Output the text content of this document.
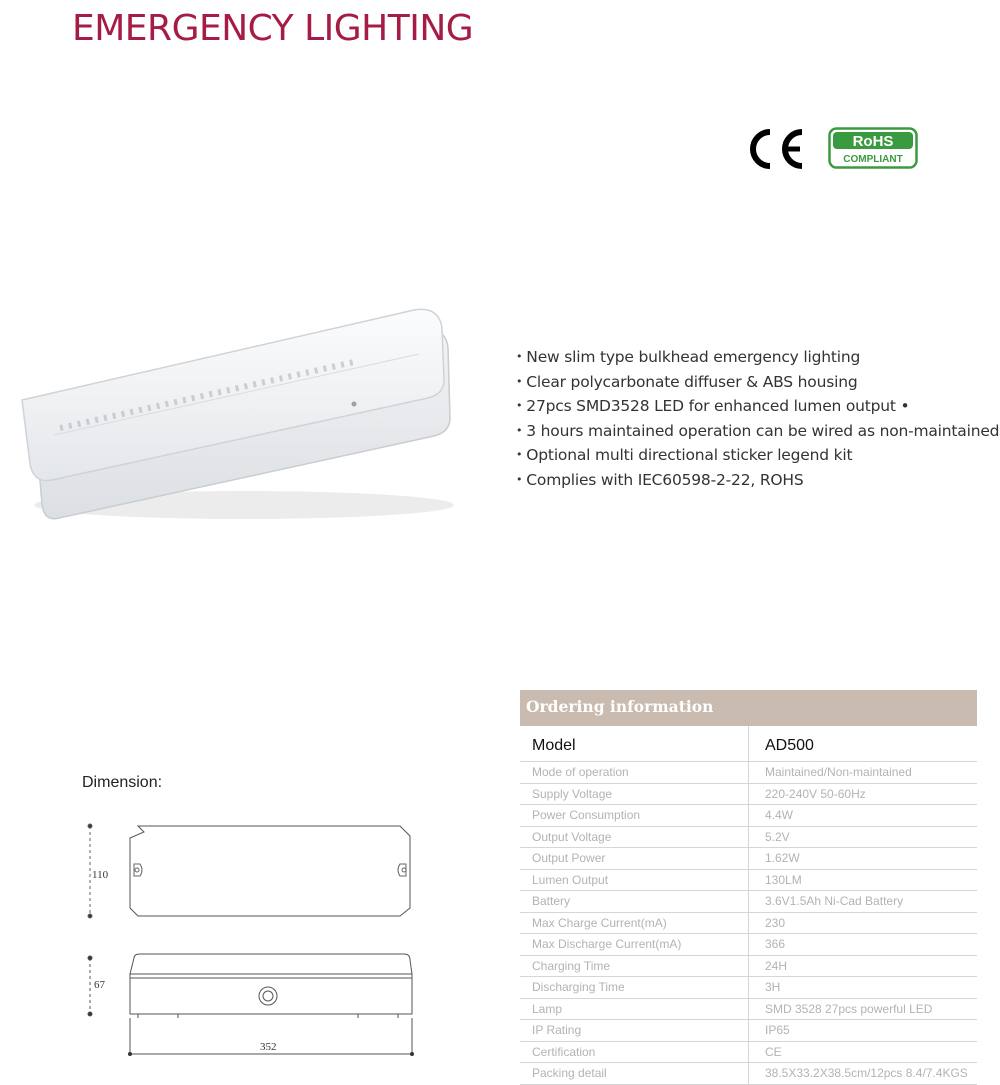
EMERGENCY LIGHTING
RoHS
COMPLIANT
• New slim type bulkhead emergency lighting
• Clear polycarbonate diffuser & ABS housing
• 27pcs SMD3528 LED for enhanced lumen output •
• 3 hours maintained operation can be wired as non-maintained
• Optional multi directional sticker legend kit
• Complies with IEC60598-2-22, ROHS
Dimension:
110
67
352
Ordering information
Model	AD500
Mode of operation	Maintained/Non-maintained
Supply Voltage	220-240V 50-60Hz
Power Consumption	4.4W
Output Voltage	5.2V
Output Power	1.62W
Lumen Output	130LM
Battery	3.6V1.5Ah Ni-Cad Battery
Max Charge Current(mA)	230
Max Discharge Current(mA)	366
Charging Time	24H
Discharging Time	3H
Lamp	SMD 3528 27pcs powerful LED
IP Rating	IP65
Certification	CE
Packing detail	38.5X33.2X38.5cm/12pcs 8.4/7.4KGS
